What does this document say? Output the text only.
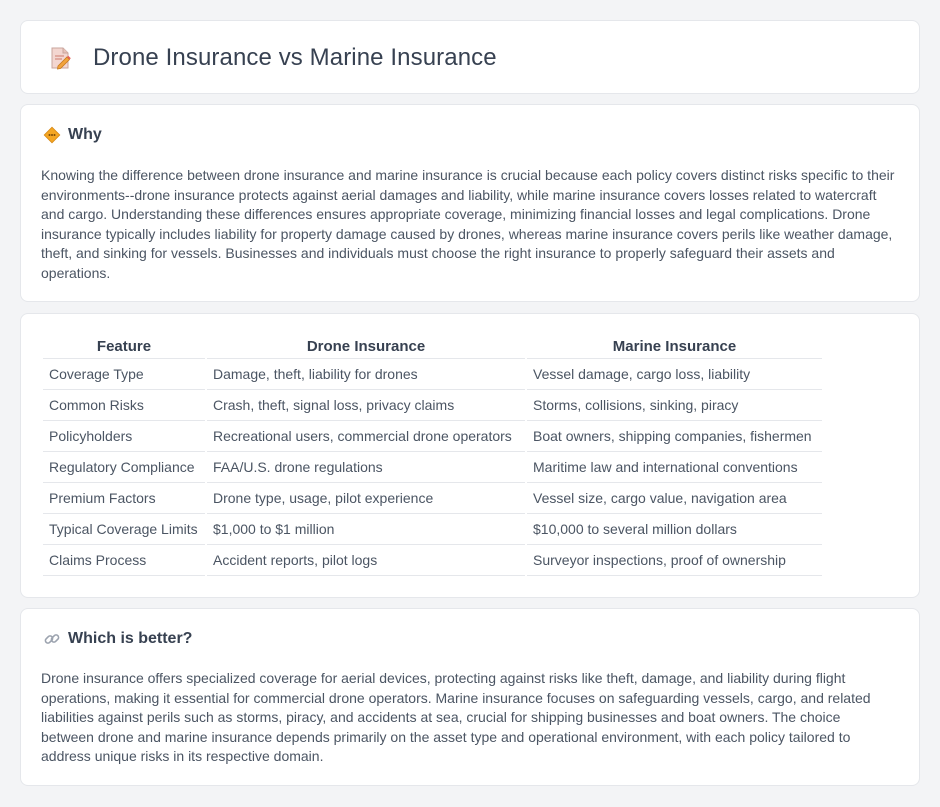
Drone Insurance vs Marine Insurance
Why

Knowing the difference between drone insurance and marine insurance is crucial because each policy covers distinct risks specific to their environments--drone insurance protects against aerial damages and liability, while marine insurance covers losses related to watercraft and cargo. Understanding these differences ensures appropriate coverage, minimizing financial losses and legal complications. Drone insurance typically includes liability for property damage caused by drones, whereas marine insurance covers perils like weather damage, theft, and sinking for vessels. Businesses and individuals must choose the right insurance to properly safeguard their assets and operations.

Feature	Drone Insurance	Marine Insurance
Coverage Type	Damage, theft, liability for drones	Vessel damage, cargo loss, liability
Common Risks	Crash, theft, signal loss, privacy claims	Storms, collisions, sinking, piracy
Policyholders	Recreational users, commercial drone operators	Boat owners, shipping companies, fishermen
Regulatory Compliance	FAA/U.S. drone regulations	Maritime law and international conventions
Premium Factors	Drone type, usage, pilot experience	Vessel size, cargo value, navigation area
Typical Coverage Limits	$1,000 to $1 million	$10,000 to several million dollars
Claims Process	Accident reports, pilot logs	Surveyor inspections, proof of ownership
Which is better?

Drone insurance offers specialized coverage for aerial devices, protecting against risks like theft, damage, and liability during flight operations, making it essential for commercial drone operators. Marine insurance focuses on safeguarding vessels, cargo, and related liabilities against perils such as storms, piracy, and accidents at sea, crucial for shipping businesses and boat owners. The choice between drone and marine insurance depends primarily on the asset type and operational environment, with each policy tailored to address unique risks in its respective domain.
